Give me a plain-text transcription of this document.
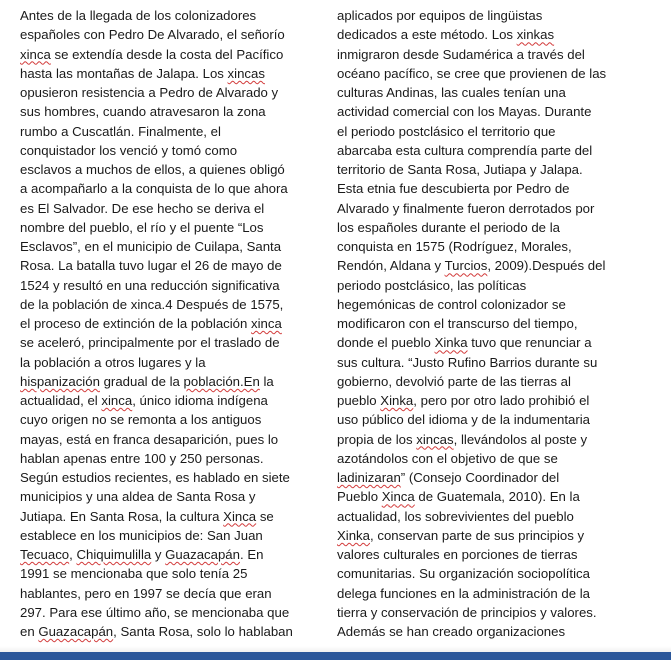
Antes de la llegada de los colonizadores
españoles con Pedro De Alvarado, el señorío
xinca se extendía desde la costa del Pacífico
hasta las montañas de Jalapa. Los xincas
opusieron resistencia a Pedro de Alvarado y
sus hombres, cuando atravesaron la zona
rumbo a Cuscatlán. Finalmente, el
conquistador los venció y tomó como
esclavos a muchos de ellos, a quienes obligó
a acompañarlo a la conquista de lo que ahora
es El Salvador. De ese hecho se deriva el
nombre del pueblo, el río y el puente “Los
Esclavos”, en el municipio de Cuilapa, Santa
Rosa. La batalla tuvo lugar el 26 de mayo de
1524 y resultó en una reducción significativa
de la población de xinca.4 Después de 1575,
el proceso de extinción de la población xinca
se aceleró, principalmente por el traslado de
la población a otros lugares y la
hispanización gradual de la población.En la
actualidad, el xinca, único idioma indígena
cuyo origen no se remonta a los antiguos
mayas, está en franca desaparición, pues lo
hablan apenas entre 100 y 250 personas.
Según estudios recientes, es hablado en siete
municipios y una aldea de Santa Rosa y
Jutiapa. En Santa Rosa, la cultura Xinca se
establece en los municipios de: San Juan
Tecuaco, Chiquimulilla y Guazacapán. En
1991 se mencionaba que solo tenía 25
hablantes, pero en 1997 se decía que eran
297. Para ese último año, se mencionaba que
en Guazacapán, Santa Rosa, solo lo hablaban
aplicados por equipos de lingüistas
dedicados a este método. Los xinkas
inmigraron desde Sudamérica a través del
océano pacífico, se cree que provienen de las
culturas Andinas, las cuales tenían una
actividad comercial con los Mayas. Durante
el periodo postclásico el territorio que
abarcaba esta cultura comprendía parte del
territorio de Santa Rosa, Jutiapa y Jalapa.
Esta etnia fue descubierta por Pedro de
Alvarado y finalmente fueron derrotados por
los españoles durante el periodo de la
conquista en 1575 (Rodríguez, Morales,
Rendón, Aldana y Turcios, 2009).Después del
periodo postclásico, las políticas
hegemónicas de control colonizador se
modificaron con el transcurso del tiempo,
donde el pueblo Xinka tuvo que renunciar a
sus cultura. “Justo Rufino Barrios durante su
gobierno, devolvió parte de las tierras al
pueblo Xinka, pero por otro lado prohibió el
uso público del idioma y de la indumentaria
propia de los xincas, llevándolos al poste y
azotándolos con el objetivo de que se
ladinizaran” (Consejo Coordinador del
Pueblo Xinca de Guatemala, 2010). En la
actualidad, los sobrevivientes del pueblo
Xinka, conservan parte de sus principios y
valores culturales en porciones de tierras
comunitarias. Su organización sociopolítica
delega funciones en la administración de la
tierra y conservación de principios y valores.
Además se han creado organizaciones
